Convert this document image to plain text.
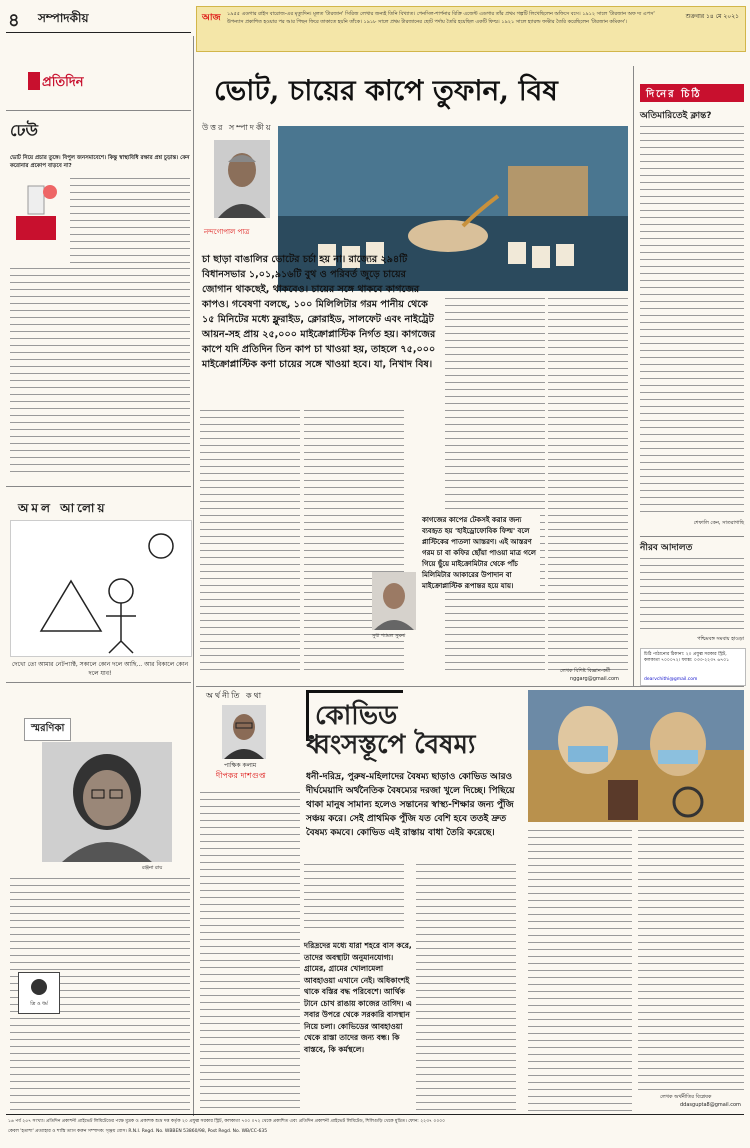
৪ সম্পাদকীয়	আজ ১৯৫৫ এডগার রাইস বারোজ-এর মৃত্যুদিন। মূলত 'টারজান' সিরিজ লেখার জন্যই তিনি বিখ্যাত। পেনসিল-শার্পনার বিক্রি এজেন্ট এডগার তাঁর প্রথম গল্পটি লিখেছিলেন অফিসে বসে। ১৯১২ সালে 'টারজান অফ দ্য এপস' উপন্যাস প্রকাশিত হওয়ার পর আর পিছন ফিরে তাকাতে হয়নি তাঁকে। ১৯১৮ সালে প্রথম টারজানের ছোট পর্দায় তৈরি হয়েছিল একটি ফিল্ম। ১৯২১ সালে হ্যারল্ড ফস্টার তৈরি করেছিলেন 'টারজান কমিকস'।
শুক্রবার ১৪ মে ২০২১
প্রতিদিন
ঢেউ
ভোট নিয়ে প্রচার তুঙ্গে। বিপুল জনসমাবেশে। কিন্তু স্বাস্থ্যবিধি রক্ষার প্রশ্ন চুড়ান্ত। কেন করোনার প্রকোপ বাড়বে না?
অমল আলোয়
দেখো তো আমার নেটপ্যাক্ট, সকালে কোন দলে আছি... আর বিকালে কোন দলে যাব!
স্মরণিকা
রঞ্জনা রায়
ত্রি ও ধর্ম
ভোট, চায়ের কাপে তুফান, বিষ
উত্তর সম্পাদকীয়
নন্দগোপাল পাত্র
চা ছাড়া বাঙালির ভোটের চর্চা হয় না। রাজ্যের ২৯৪টি বিধানসভার ১,০১,৯১৬টি বুথ ও পরিবর্ত জুড়ে চায়ের জোগান থাকছেই, থাকবেও। চায়ের সঙ্গে থাকবে কাগজের কাপও। গবেষণা বলছে, ১০০ মিলিলিটার গরম পানীয় থেকে ১৫ মিনিটের মধ্যে ফ্লুরাইড, ক্লোরাইড, সালফেট এবং নাইট্রেট আয়ন-সহ প্রায় ২৫,০০০ মাইক্রোপ্লাস্টিক নির্গত হয়। কাগজের কাপে যদি প্রতিদিন তিন কাপ চা খাওয়া হয়, তাহলে ৭৫,০০০ মাইক্রোপ্লাস্টিক কণা চায়ের সঙ্গে খাওয়া হবে। যা, নিখাদ বিষ।
কাগজের কাপের টেকসই করার জন্য ব্যবহৃত হয় 'হাইড্রোফোবিক ফিল্ম' বলে প্লাস্টিকের পাতলা আস্তরণ। এই আস্তরণ গরম চা বা কফির ছোঁয়া পাওয়া মাত্র গলে গিয়ে ছুঁয়ে মাইক্রোমিটার থেকে পাঁচ মিলিমিটার আকারের উপাদান বা মাইক্রোপ্লাস্টিক রূপান্তর হয়ে যায়।
সুধা শ্যামল সুমনা
লেখক বিশিষ্ট বিজ্ঞান-কর্মী
nggarg@gmail.com
দিনের চিঠি
অতিমারিতেই ক্লান্ত?
শেফালি কেন, সাতরাগাছি
নীরব আদালত
পশ্চিমবঙ্গ সমবায় হাওড়া
চিঠি পাঠানোর ঠিকানা: ২০ প্রফুল্ল সরকার স্ট্রিট, কলকাতা ৭০০০৭২। ফ্যাক্স: ০৩৩-২২৩৭ ৬৭০১
dearvchithi@gmail.com
অর্থনীতি কথা
পাক্ষিক কলাম
দীপকর দাশগুপ্ত
কোভিড
ধ্বংসস্তূপে বৈষম্য
ধনী-দরিদ্র, পুরুষ-মহিলাদের বৈষম্য ছাড়াও কোভিড আরও দীর্ঘমেয়াদি অর্থনৈতিক বৈষম্যের দরজা খুলে দিচ্ছে। পিছিয়ে থাকা মানুষ সামান্য হলেও সন্তানের স্বাস্থ্য-শিক্ষার জন্য পুঁজি সঞ্চয় করে। সেই প্রাথমিক পুঁজি যত বেশি হবে ততই দ্রুত বৈষম্য কমবে। কোভিড এই রাস্তায় বাধা তৈরি করেছে।
দরিদ্রদের মধ্যে যারা শহরে বাস করে, তাদের অবস্থাটা অনুমানযোগ্য। গ্রামের, গ্রামের খোলামেলা আবহাওয়া এখানে নেই। অধিকাংশই থাকে বস্তির বদ্ধ পরিবেশে। আর্থিক টানে চোখ রাঙায় কাজের তাগিদ। এ সবার উপরে থেকে সরকারি বাসস্থান নিয়ে চলা। কোভিডের আবহাওয়া থেকে রাস্তা তাদের জন্য বন্ধ। কি বাস্তবে, কি কর্মস্থলে।
লেখক অর্থনীতির বিশ্লেষক
ddasgupta8@gmail.com
১৬ পর্ব ২৫৭ সংখ্যা। প্রতিদিন প্রকাশনী প্রাইভেট লিমিটেডের পক্ষে মুদ্রক ও প্রকাশক শুভ্র দত্ত কর্তৃক ২০ প্রফুল্ল সরকার স্ট্রিট, কলকাতা ৭০০ ০৭২ থেকে প্রকাশিত এবং প্রতিদিন প্রকাশনী প্রাইভেট লিমিটেড, শিলিগুড়ি থেকে মুদ্রিত। ফোন: ২২৩৭ ০০০০
কেবল 'হতাশা' প্রত্যাহার ও শাস্তি ত্যাগ করুন সম্পাদক: সৃঞ্জয় বোস। R.N.I. Regd. No. WBBEN 53860/98, Post Regd. No. WB/CC-635
